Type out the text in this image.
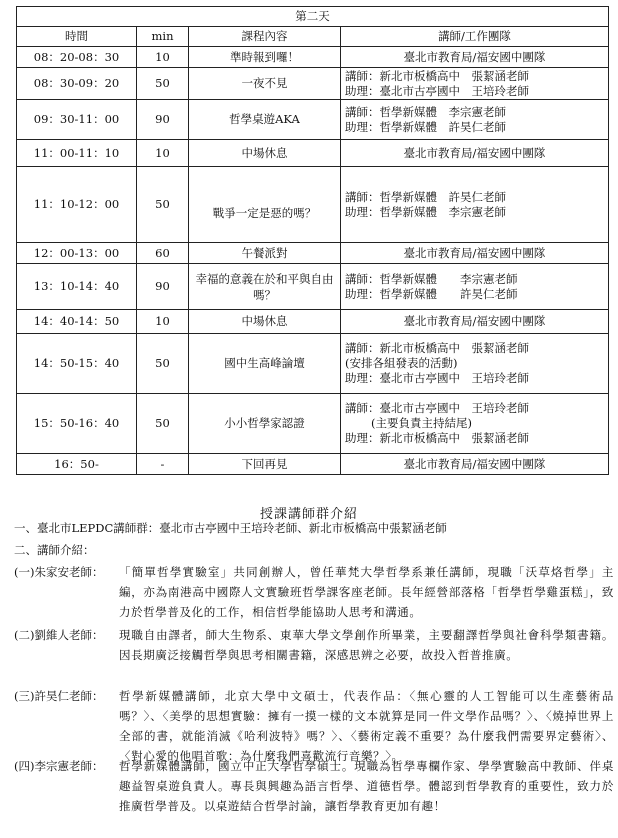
第二天			
時間	min	課程內容	講師/工作團隊
08：20-08：30	10	準時報到囉！	臺北市教育局/福安國中團隊
08：30-09：20	50	一夜不見	講師：新北市板橋高中　張絜涵老師
助理：臺北市古亭國中　王培玲老師

09：30-11：00	90	哲學桌遊AKA	講師：哲學新媒體　李宗憲老師
助理：哲學新媒體　許昊仁老師

11：00-11：10	10	中場休息	臺北市教育局/福安國中團隊
11：10-12：00	50	戰爭一定是惡的嗎？	講師：哲學新媒體　許昊仁老師
助理：哲學新媒體　李宗憲老師

12：00-13：00	60	午餐派對	臺北市教育局/福安國中團隊
13：10-14：40	90	幸福的意義在於和平與自由嗎？	講師：哲學新媒體　　李宗憲老師
助理：哲學新媒體　　許昊仁老師

14：40-14：50	10	中場休息	臺北市教育局/福安國中團隊
14：50-15：40	50	國中生高峰論壇	講師：新北市板橋高中　張絜涵老師
(安排各組發表的活動)
助理：臺北市古亭國中　王培玲老師

15：50-16：40	50	小小哲學家認證	講師：臺北市古亭國中　王培玲老師
(主要負責主持結尾)
助理：新北市板橋高中　張絜涵老師

16：50-	-	下回再見	臺北市教育局/福安國中團隊
授課講師群介紹
一、臺北市LEPDC講師群：臺北市古亭國中王培玲老師、新北市板橋高中張絜涵老師
二、講師介紹：
(一)朱家安老師： 「簡單哲學實驗室」共同創辦人，曾任華梵大學哲學系兼任講師，現職「沃草烙哲學」主編，亦為南港高中國際人文實驗班哲學課客座老師。長年經營部落格「哲學哲學雞蛋糕」，致力於哲學普及化的工作，相信哲學能協助人思考和溝通。
(二)劉維人老師： 現職自由譯者，師大生物系、東華大學文學創作所畢業，主要翻譯哲學與社會科學類書籍。因長期廣泛接觸哲學與思考相關書籍，深感思辨之必要，故投入哲普推廣。
(三)許昊仁老師： 哲學新媒體講師，北京大學中文碩士，代表作品：〈無心靈的人工智能可以生產藝術品嗎？〉、〈美學的思想實驗：擁有一摸一樣的文本就算是同一件文學作品嗎？〉、〈燒掉世界上全部的書，就能消滅《哈利波特》嗎？〉、〈藝術定義不重要？為什麼我們需要界定藝術〉、〈對心愛的他唱首歌：為什麼我們喜歡流行音樂？〉。
(四)李宗憲老師： 哲學新媒體講師，國立中正大學哲學碩士。現職為哲學專欄作家、學學實驗高中教師、伴桌趣益智桌遊負責人。專長與興趣為語言哲學、道德哲學。體認到哲學教育的重要性，致力於推廣哲學普及。以桌遊結合哲學討論，讓哲學教育更加有趣！
